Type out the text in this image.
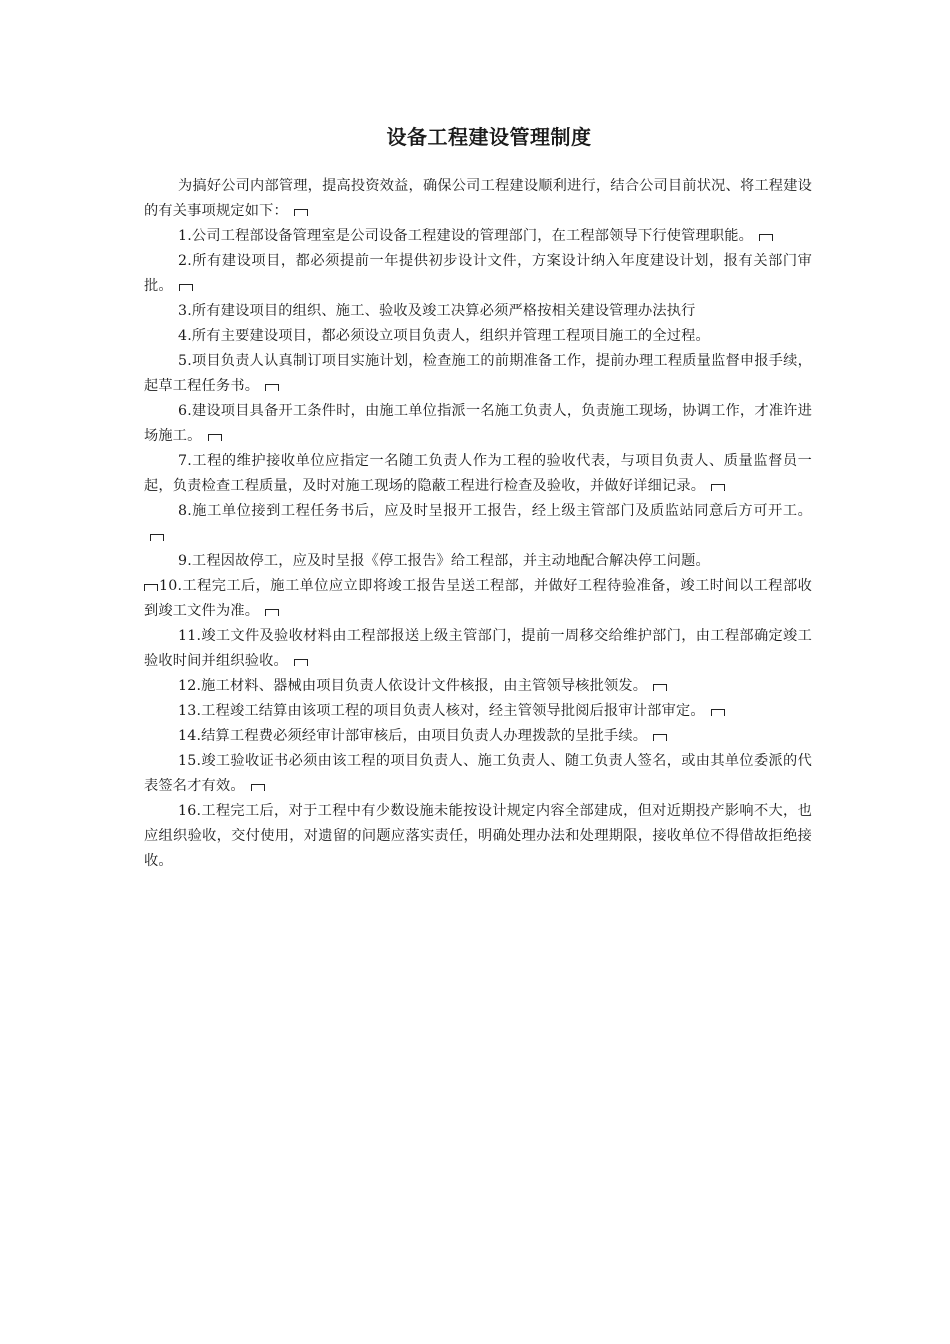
设备工程建设管理制度

为搞好公司内部管理，提高投资效益，确保公司工程建设顺利进行，结合公司目前状况、将工程建设的有关事项规定如下：

1.公司工程部设备管理室是公司设备工程建设的管理部门，在工程部领导下行使管理职能。

2.所有建设项目，都必须提前一年提供初步设计文件，方案设计纳入年度建设计划，报有关部门审批。

3.所有建设项目的组织、施工、验收及竣工决算必须严格按相关建设管理办法执行

4.所有主要建设项目，都必须设立项目负责人，组织并管理工程项目施工的全过程。

5.项目负责人认真制订项目实施计划，检查施工的前期准备工作，提前办理工程质量监督申报手续，起草工程任务书。

6.建设项目具备开工条件时，由施工单位指派一名施工负责人，负责施工现场，协调工作，才准许进场施工。

7.工程的维护接收单位应指定一名随工负责人作为工程的验收代表，与项目负责人、质量监督员一起，负责检查工程质量，及时对施工现场的隐蔽工程进行检查及验收，并做好详细记录。

8.施工单位接到工程任务书后，应及时呈报开工报告，经上级主管部门及质监站同意后方可开工。

9.工程因故停工，应及时呈报《停工报告》给工程部，并主动地配合解决停工问题。

10.工程完工后，施工单位应立即将竣工报告呈送工程部，并做好工程待验准备，竣工时间以工程部收到竣工文件为准。

11.竣工文件及验收材料由工程部报送上级主管部门，提前一周移交给维护部门，由工程部确定竣工验收时间并组织验收。

12.施工材料、器械由项目负责人依设计文件核报，由主管领导核批领发。

13.工程竣工结算由该项工程的项目负责人核对，经主管领导批阅后报审计部审定。

14.结算工程费必须经审计部审核后，由项目负责人办理拨款的呈批手续。

15.竣工验收证书必须由该工程的项目负责人、施工负责人、随工负责人签名，或由其单位委派的代表签名才有效。

16.工程完工后，对于工程中有少数设施未能按设计规定内容全部建成，但对近期投产影响不大，也应组织验收，交付使用，对遗留的问题应落实责任，明确处理办法和处理期限，接收单位不得借故拒绝接收。
